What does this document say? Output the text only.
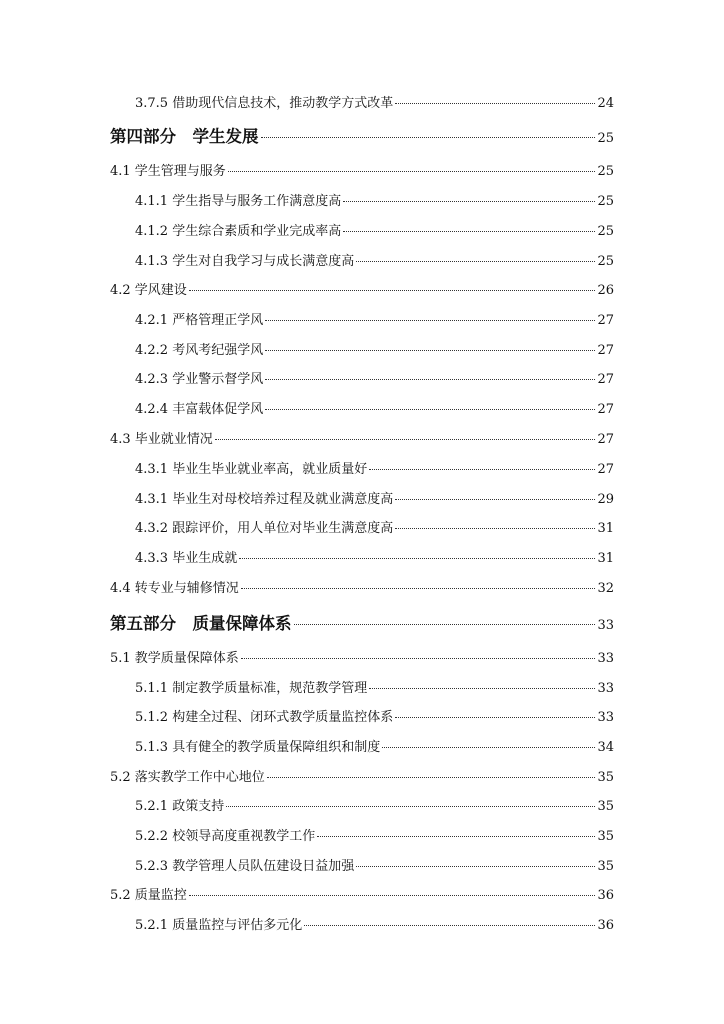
3.7.5 借助现代信息技术，推动教学方式改革	24
第四部分　学生发展	25
4.1 学生管理与服务	25
4.1.1 学生指导与服务工作满意度高	25
4.1.2 学生综合素质和学业完成率高	25
4.1.3 学生对自我学习与成长满意度高	25
4.2 学风建设	26
4.2.1 严格管理正学风	27
4.2.2 考风考纪强学风	27
4.2.3 学业警示督学风	27
4.2.4 丰富载体促学风	27
4.3 毕业就业情况	27
4.3.1 毕业生毕业就业率高，就业质量好	27
4.3.1 毕业生对母校培养过程及就业满意度高	29
4.3.2 跟踪评价，用人单位对毕业生满意度高	31
4.3.3 毕业生成就	31
4.4 转专业与辅修情况	32
第五部分　质量保障体系	33
5.1 教学质量保障体系	33
5.1.1 制定教学质量标准，规范教学管理	33
5.1.2 构建全过程、闭环式教学质量监控体系	33
5.1.3 具有健全的教学质量保障组织和制度	34
5.2 落实教学工作中心地位	35
5.2.1 政策支持	35
5.2.2 校领导高度重视教学工作	35
5.2.3 教学管理人员队伍建设日益加强	35
5.2 质量监控	36
5.2.1 质量监控与评估多元化	36
